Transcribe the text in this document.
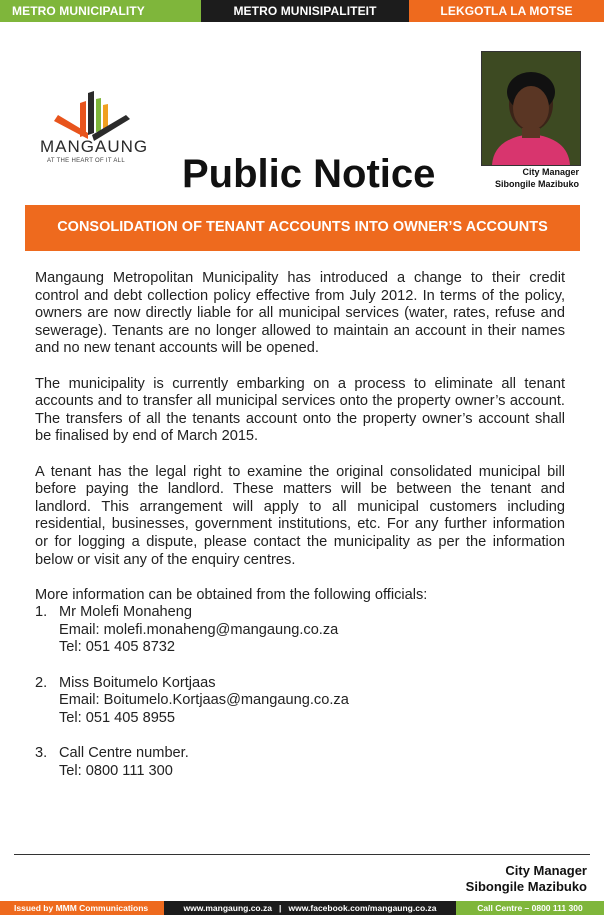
METRO MUNICIPALITY	METRO MUNISIPALITEIT	LEKGOTLA LA MOTSE
MANGAUNG
AT THE HEART OF IT ALL Public Notice	City Manager
Sibongile Mazibuko
CONSOLIDATION OF TENANT ACCOUNTS INTO OWNER’S ACCOUNTS

Mangaung Metropolitan Municipality has introduced a change to their credit control and debt collection policy effective from July 2012. In terms of the policy, owners are now directly liable for all municipal services (water, rates, refuse and sewerage). Tenants are no longer allowed to maintain an account in their names and no new tenant accounts will be opened.

The municipality is currently embarking on a process to eliminate all tenant accounts and to transfer all municipal services onto the property owner’s account. The transfers of all the tenants account onto the property owner’s account shall be finalised by end of March 2015.

A tenant has the legal right to examine the original consolidated municipal bill before paying the landlord. These matters will be between the tenant and landlord. This arrangement will apply to all municipal customers including residential, businesses, government institutions, etc. For any further information or for logging a dispute, please contact the municipality as per the information below or visit any of the enquiry centres.

More information can be obtained from the following officials:

1. Mr Molefi Monaheng
Email: molefi.monaheng@mangaung.co.za
Tel: 051 405 8732
2. Miss Boitumelo Kortjaas
Email: Boitumelo.Kortjaas@mangaung.co.za
Tel: 051 405 8955
3. Call Centre number.
Tel: 0800 111 300
City Manager
Sibongile Mazibuko
Issued by MMM Communications	www.mangaung.co.za   |   www.facebook.com/mangaung.co.za	Call Centre – 0800 111 300
